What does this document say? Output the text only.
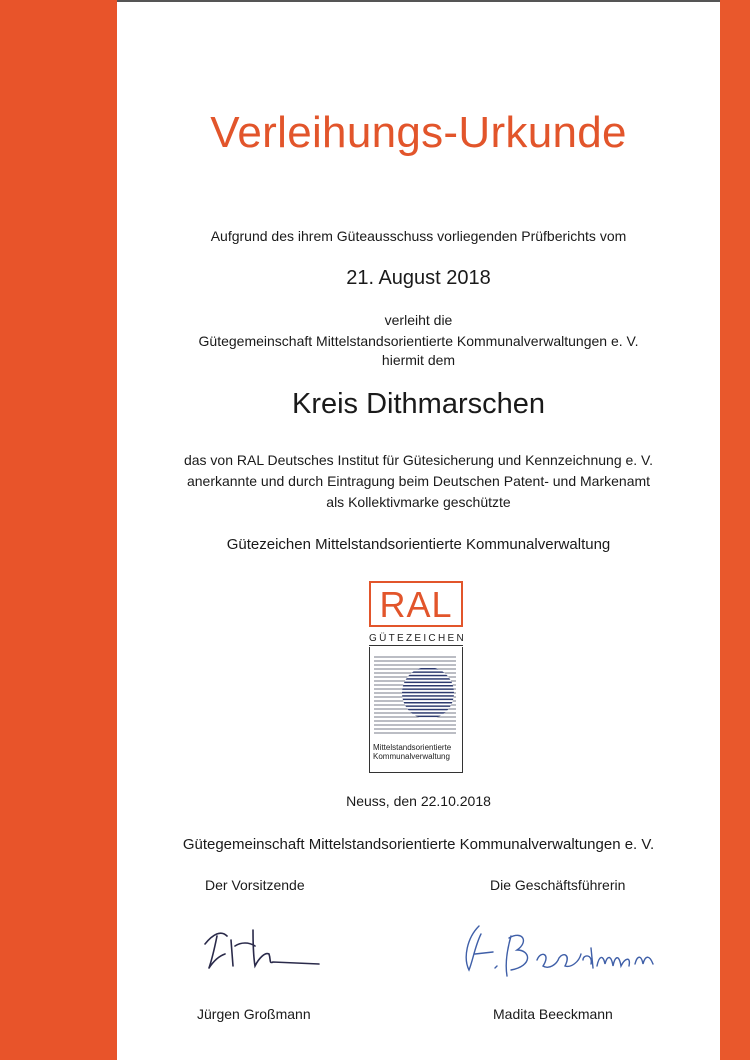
Verleihungs-Urkunde
Aufgrund des ihrem Güteausschuss vorliegenden Prüfberichts vom
21. August 2018
verleiht die
Gütegemeinschaft Mittelstandsorientierte Kommunalverwaltungen e. V.
hiermit dem
Kreis Dithmarschen
das von RAL Deutsches Institut für Gütesicherung und Kennzeichnung e. V.
anerkannte und durch Eintragung beim Deutschen Patent- und Markenamt
als Kollektivmarke geschützte
Gütezeichen Mittelstandsorientierte Kommunalverwaltung
RAL
GÜTEZEICHEN
Mittelstandsorientierte
Kommunalverwaltung
Neuss, den 22.10.2018
Gütegemeinschaft Mittelstandsorientierte Kommunalverwaltungen e. V.
Der Vorsitzende	Die Geschäftsführerin
Jürgen Großmann	Madita Beeckmann
